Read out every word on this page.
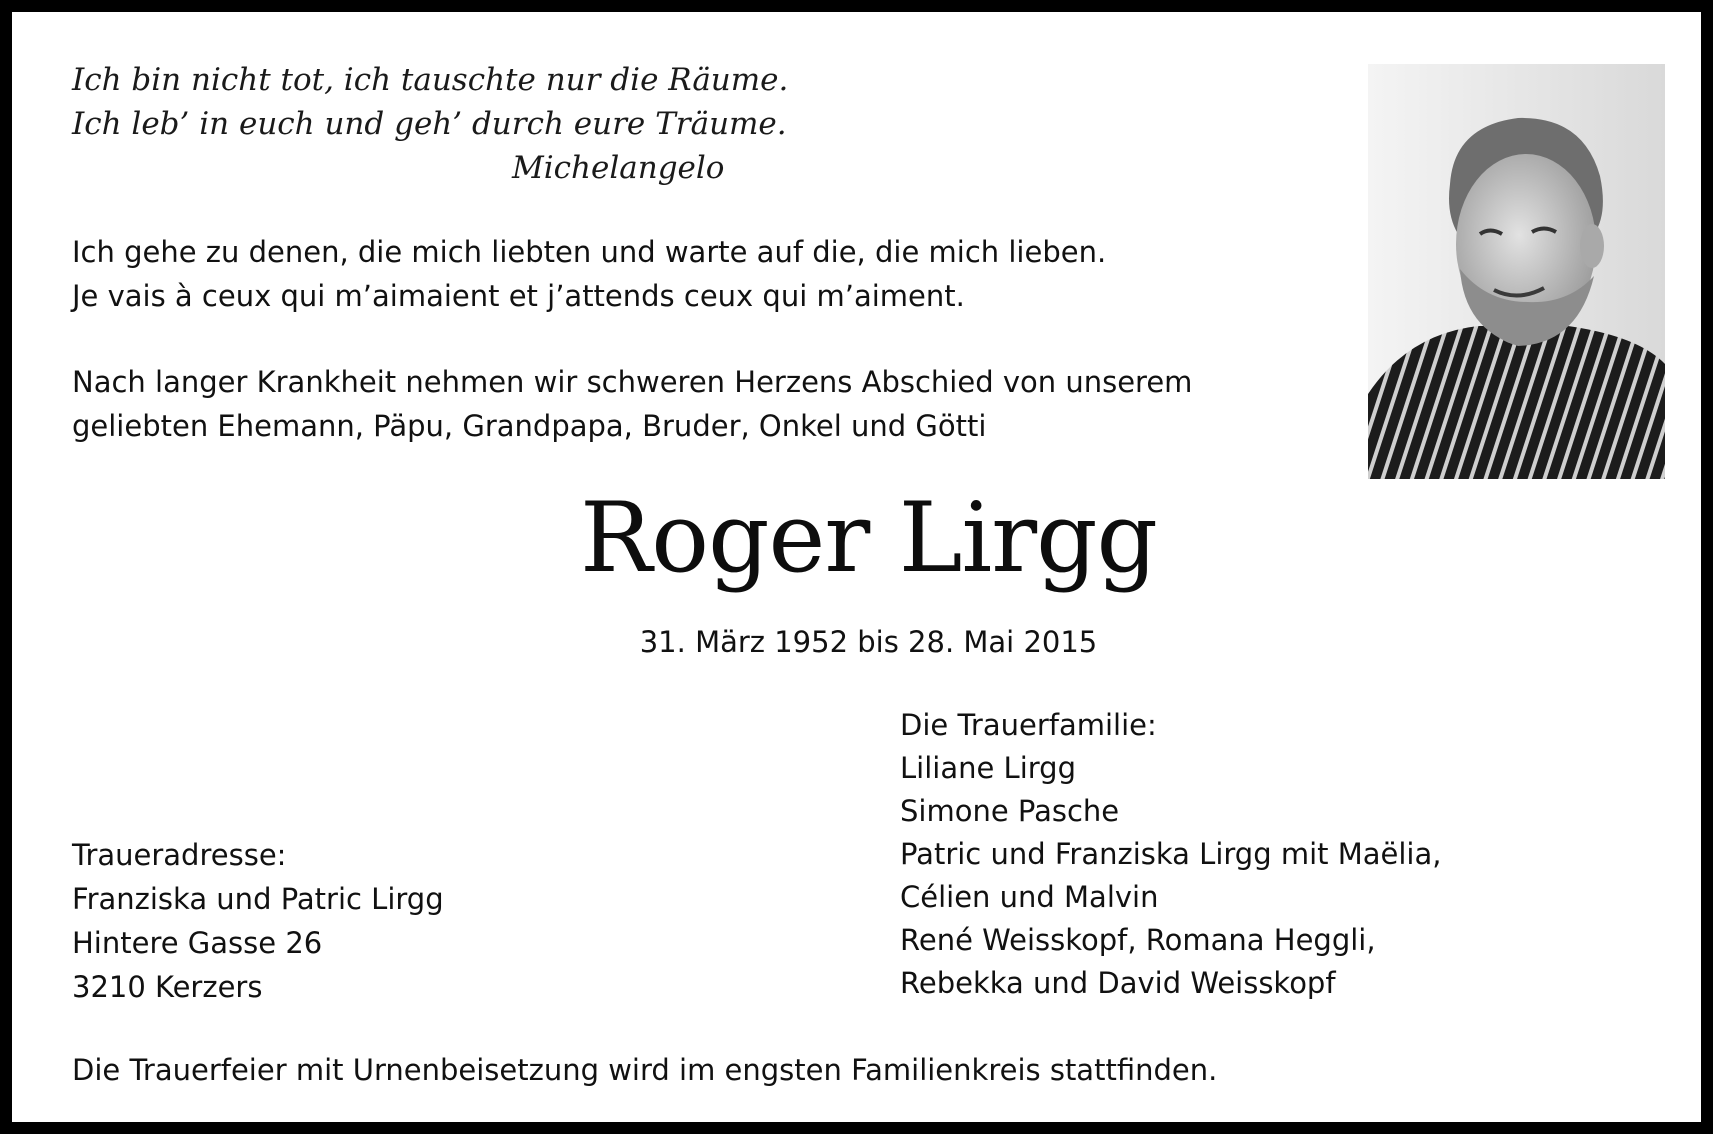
Ich bin nicht tot, ich tauschte nur die Räume.
Ich leb’ in euch und geh’ durch eure Träume.
Michelangelo
Ich gehe zu denen, die mich liebten und warte auf die, die mich lieben.
Je vais à ceux qui m’aimaient et j’attends ceux qui m’aiment.
Nach langer Krankheit nehmen wir schweren Herzens Abschied von unserem
geliebten Ehemann, Päpu, Grandpapa, Bruder, Onkel und Götti
Roger Lirgg
31. März 1952 bis 28. Mai 2015
Die Trauerfamilie:
Liliane Lirgg
Simone Pasche
Patric und Franziska Lirgg mit Maëlia,
Célien und Malvin
René Weisskopf, Romana Heggli,
Rebekka und David Weisskopf
Traueradresse:
Franziska und Patric Lirgg
Hintere Gasse 26
3210 Kerzers
Die Trauerfeier mit Urnenbeisetzung wird im engsten Familienkreis stattfinden.
